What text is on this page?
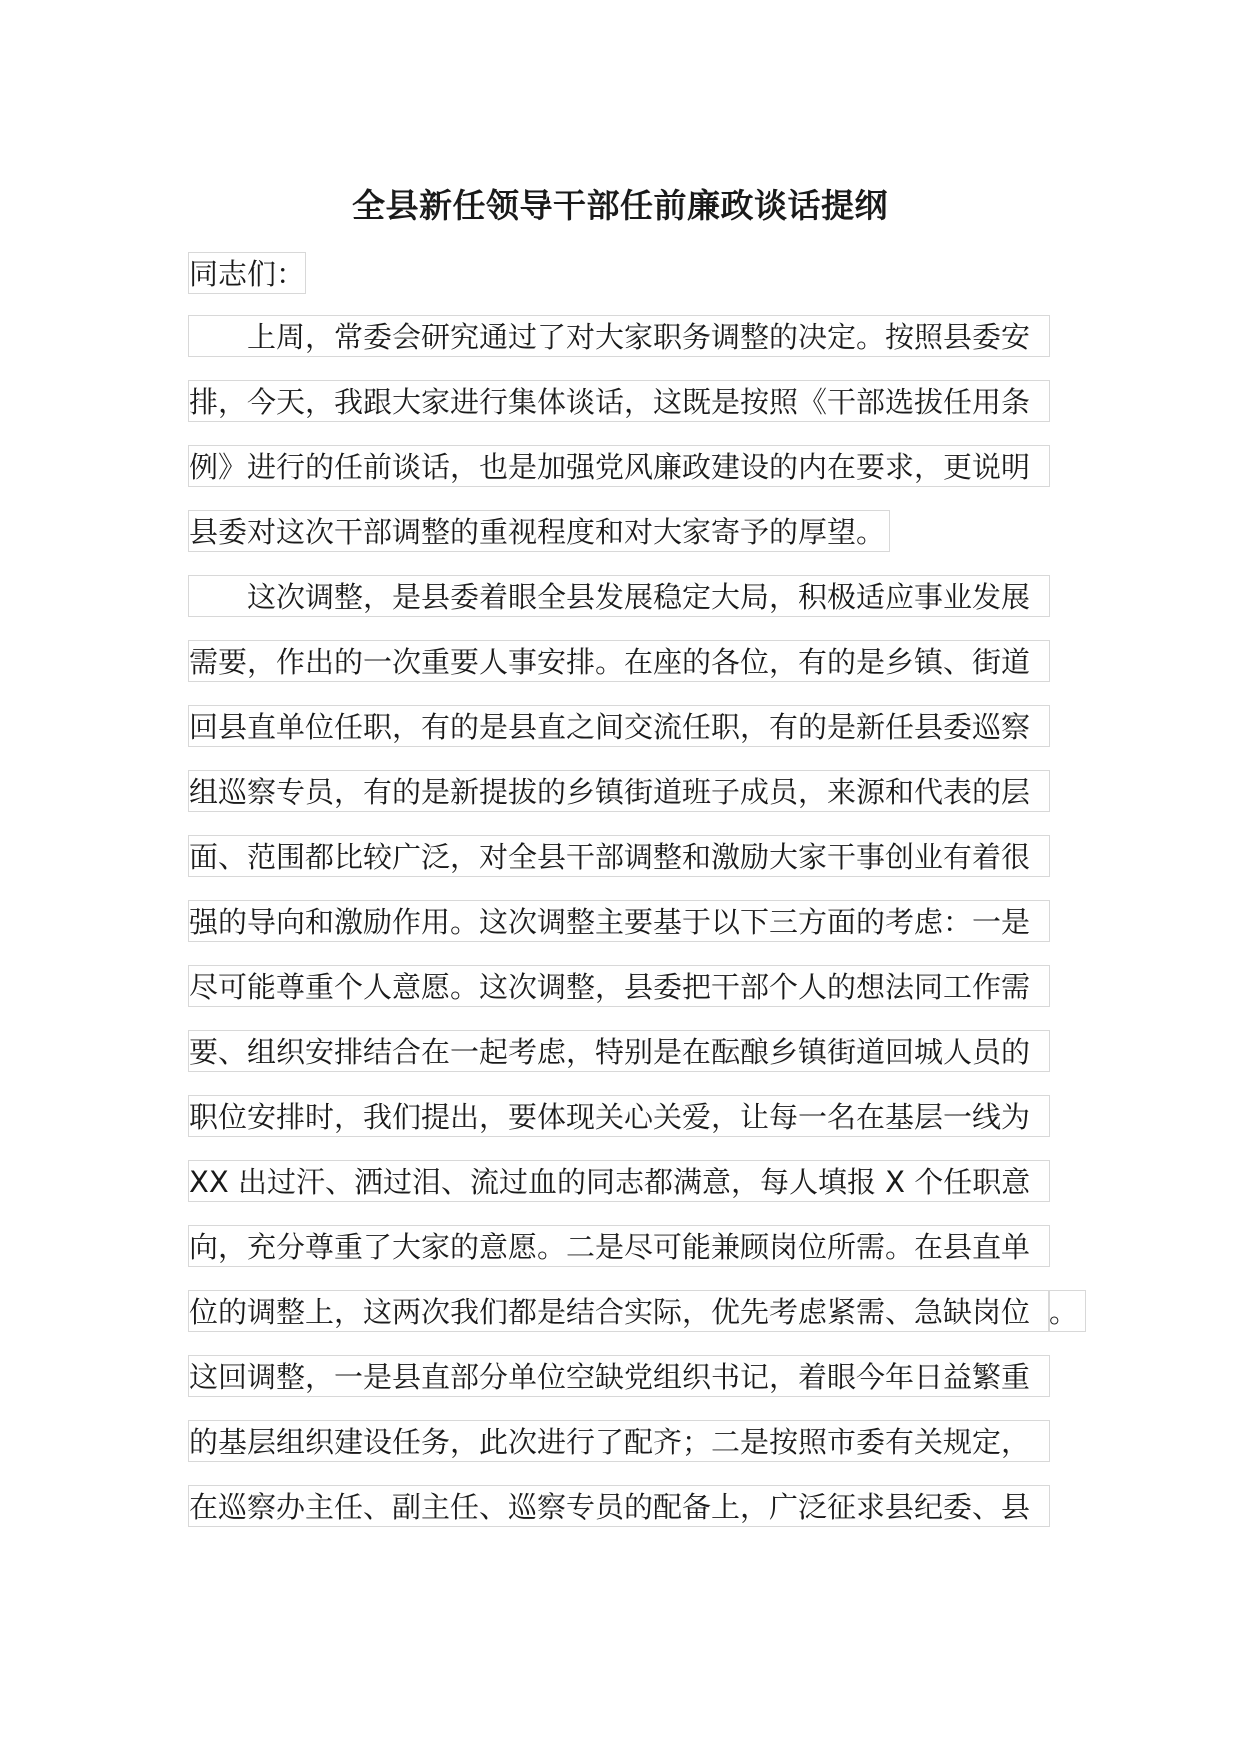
全县新任领导干部任前廉政谈话提纲
同志们：
上周，常委会研究通过了对大家职务调整的决定。按照县委安
排，今天，我跟大家进行集体谈话，这既是按照《干部选拔任用条
例》进行的任前谈话，也是加强党风廉政建设的内在要求，更说明
县委对这次干部调整的重视程度和对大家寄予的厚望。
这次调整，是县委着眼全县发展稳定大局，积极适应事业发展
需要，作出的一次重要人事安排。在座的各位，有的是乡镇、街道
回县直单位任职，有的是县直之间交流任职，有的是新任县委巡察
组巡察专员，有的是新提拔的乡镇街道班子成员，来源和代表的层
面、范围都比较广泛，对全县干部调整和激励大家干事创业有着很
强的导向和激励作用。这次调整主要基于以下三方面的考虑：一是
尽可能尊重个人意愿。这次调整，县委把干部个人的想法同工作需
要、组织安排结合在一起考虑，特别是在酝酿乡镇街道回城人员的
职位安排时，我们提出，要体现关心关爱，让每一名在基层一线为
XX 出过汗、洒过泪、流过血的同志都满意，每人填报 X 个任职意
向，充分尊重了大家的意愿。二是尽可能兼顾岗位所需。在县直单
位的调整上，这两次我们都是结合实际，优先考虑紧需、急缺岗位 。
这回调整，一是县直部分单位空缺党组织书记，着眼今年日益繁重
的基层组织建设任务，此次进行了配齐；二是按照市委有关规定，
在巡察办主任、副主任、巡察专员的配备上，广泛征求县纪委、县
